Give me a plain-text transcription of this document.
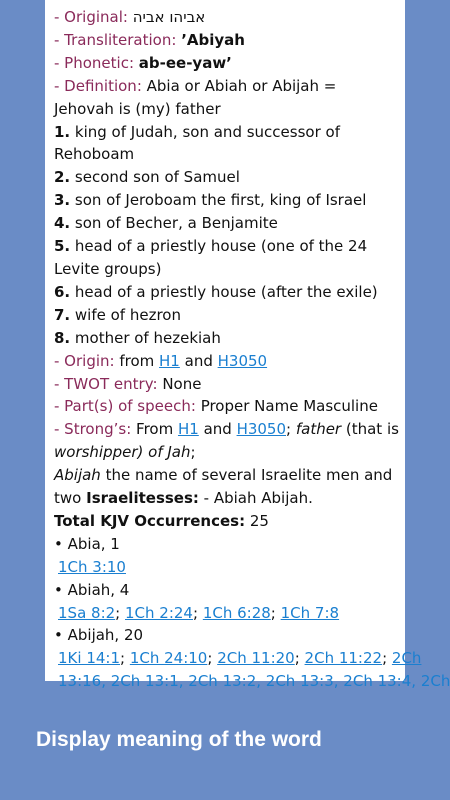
- Original: אביהו אביה
- Transliteration: ’Abiyah
- Phonetic: ab-ee-yaw’
- Definition: Abia or Abiah or Abijah = Jehovah is (my) father
1. king of Judah, son and successor of
Rehoboam
2. second son of Samuel
3. son of Jeroboam the first, king of Israel
4. son of Becher, a Benjamite
5. head of a priestly house (one of the 24
Levite groups)
6. head of a priestly house (after the exile)
7. wife of hezron
8. mother of hezekiah
- Origin: from H1 and H3050
- TWOT entry: None
- Part(s) of speech: Proper Name Masculine
- Strong’s: From H1 and H3050; father (that is
worshipper) of Jah;
Abijah the name of several Israelite men and
two Israelitesses: - Abiah Abijah.
Total KJV Occurrences: 25
• Abia, 1
1Ch 3:10
• Abiah, 4
1Sa 8:2; 1Ch 2:24; 1Ch 6:28; 1Ch 7:8
• Abijah, 20
1Ki 14:1; 1Ch 24:10; 2Ch 11:20; 2Ch 11:22; 2Ch
13:16, 2Ch 13:1, 2Ch 13:2, 2Ch 13:3, 2Ch 13:4, 2Ch
Display meaning of the word
